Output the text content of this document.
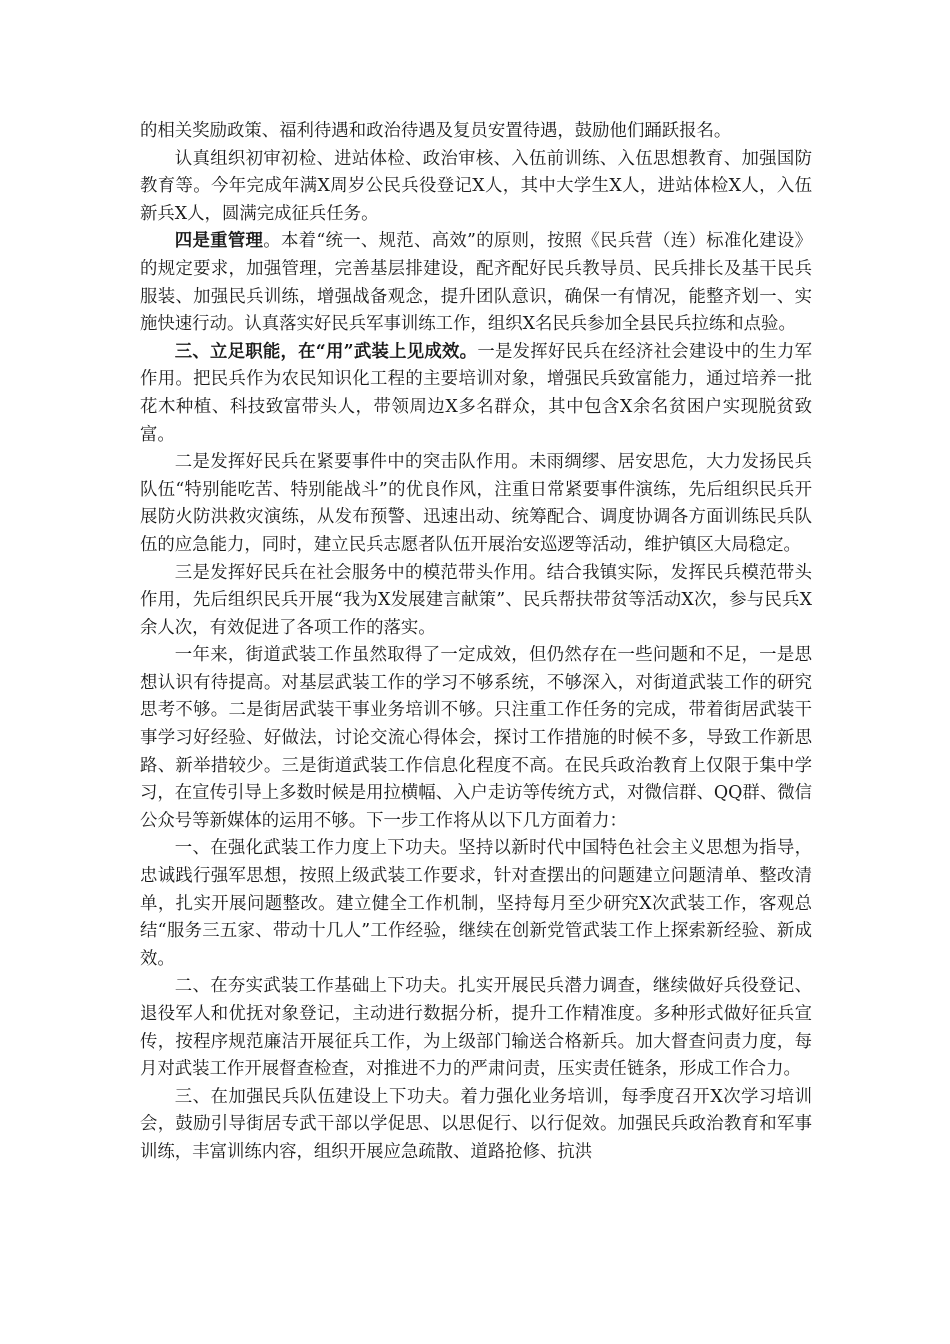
的相关奖励政策、福利待遇和政治待遇及复员安置待遇，鼓励他们踊跃报名。

认真组织初审初检、进站体检、政治审核、入伍前训练、入伍思想教育、加强国防教育等。今年完成年满X周岁公民兵役登记X人，其中大学生X人，进站体检X人，入伍新兵X人，圆满完成征兵任务。

四是重管理。本着“统一、规范、高效”的原则，按照《民兵营（连）标准化建设》的规定要求，加强管理，完善基层排建设，配齐配好民兵教导员、民兵排长及基干民兵服装、加强民兵训练，增强战备观念，提升团队意识，确保一有情况，能整齐划一、实施快速行动。认真落实好民兵军事训练工作，组织X名民兵参加全县民兵拉练和点验。

三、立足职能，在“用”武装上见成效。一是发挥好民兵在经济社会建设中的生力军作用。把民兵作为农民知识化工程的主要培训对象，增强民兵致富能力，通过培养一批花木种植、科技致富带头人，带领周边X多名群众，其中包含X余名贫困户实现脱贫致富。

二是发挥好民兵在紧要事件中的突击队作用。未雨绸缪、居安思危，大力发扬民兵队伍“特别能吃苦、特别能战斗”的优良作风，注重日常紧要事件演练，先后组织民兵开展防火防洪救灾演练，从发布预警、迅速出动、统筹配合、调度协调各方面训练民兵队伍的应急能力，同时，建立民兵志愿者队伍开展治安巡逻等活动，维护镇区大局稳定。

三是发挥好民兵在社会服务中的模范带头作用。结合我镇实际，发挥民兵模范带头作用，先后组织民兵开展“我为X发展建言献策”、民兵帮扶带贫等活动X次，参与民兵X余人次，有效促进了各项工作的落实。

一年来，街道武装工作虽然取得了一定成效，但仍然存在一些问题和不足，一是思想认识有待提高。对基层武装工作的学习不够系统，不够深入，对街道武装工作的研究思考不够。二是街居武装干事业务培训不够。只注重工作任务的完成，带着街居武装干事学习好经验、好做法，讨论交流心得体会，探讨工作措施的时候不多，导致工作新思路、新举措较少。三是街道武装工作信息化程度不高。在民兵政治教育上仅限于集中学习，在宣传引导上多数时候是用拉横幅、入户走访等传统方式，对微信群、QQ群、微信公众号等新媒体的运用不够。下一步工作将从以下几方面着力：

一、在强化武装工作力度上下功夫。坚持以新时代中国特色社会主义思想为指导，忠诚践行强军思想，按照上级武装工作要求，针对查摆出的问题建立问题清单、整改清单，扎实开展问题整改。建立健全工作机制，坚持每月至少研究X次武装工作，客观总结“服务三五家、带动十几人”工作经验，继续在创新党管武装工作上探索新经验、新成效。

二、在夯实武装工作基础上下功夫。扎实开展民兵潜力调查，继续做好兵役登记、退役军人和优抚对象登记，主动进行数据分析，提升工作精准度。多种形式做好征兵宣传，按程序规范廉洁开展征兵工作，为上级部门输送合格新兵。加大督查问责力度，每月对武装工作开展督查检查，对推进不力的严肃问责，压实责任链条，形成工作合力。

三、在加强民兵队伍建设上下功夫。着力强化业务培训，每季度召开X次学习培训会，鼓励引导街居专武干部以学促思、以思促行、以行促效。加强民兵政治教育和军事训练，丰富训练内容，组织开展应急疏散、道路抢修、抗洪
